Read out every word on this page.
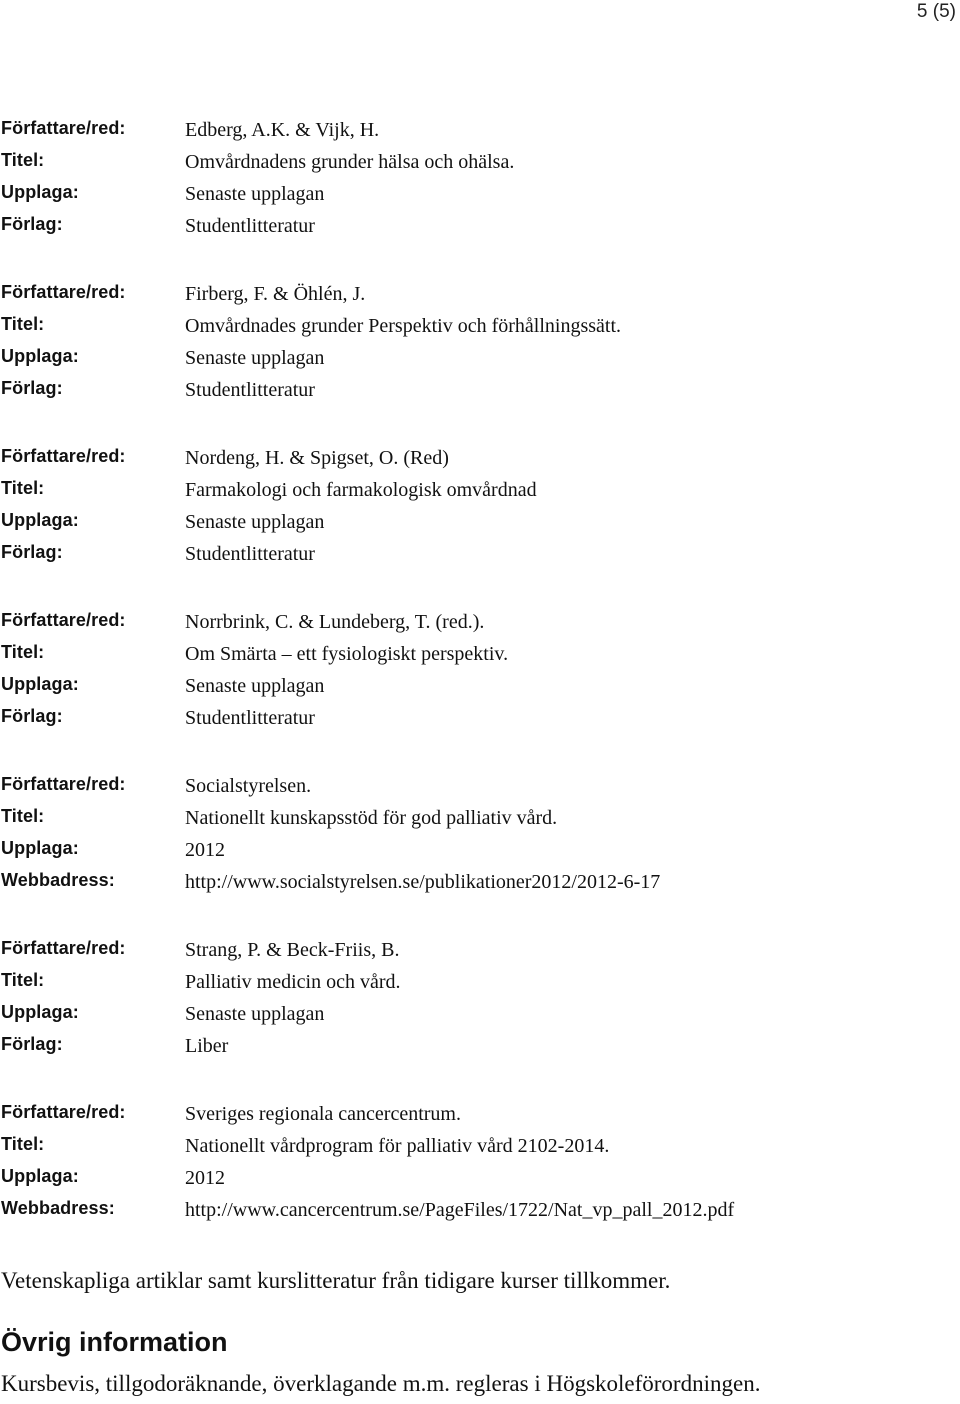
5 (5)
Författare/red:	Edberg, A.K. & Vijk, H.
Titel:	Omvårdnadens grunder hälsa och ohälsa.
Upplaga:	Senaste upplagan
Förlag:	Studentlitteratur
Författare/red:	Firberg, F. & Öhlén, J.
Titel:	Omvårdnades grunder Perspektiv och förhållningssätt.
Upplaga:	Senaste upplagan
Förlag:	Studentlitteratur
Författare/red:	Nordeng, H. & Spigset, O. (Red)
Titel:	Farmakologi och farmakologisk omvårdnad
Upplaga:	Senaste upplagan
Förlag:	Studentlitteratur
Författare/red:	Norrbrink, C. & Lundeberg, T. (red.).
Titel:	Om Smärta – ett fysiologiskt perspektiv.
Upplaga:	Senaste upplagan
Förlag:	Studentlitteratur
Författare/red:	Socialstyrelsen.
Titel:	Nationellt kunskapsstöd för god palliativ vård.
Upplaga:	2012
Webbadress:	http://www.socialstyrelsen.se/publikationer2012/2012-6-17
Författare/red:	Strang, P. & Beck-Friis, B.
Titel:	Palliativ medicin och vård.
Upplaga:	Senaste upplagan
Förlag:	Liber
Författare/red:	Sveriges regionala cancercentrum.
Titel:	Nationellt vårdprogram för palliativ vård 2102-2014.
Upplaga:	2012
Webbadress:	http://www.cancercentrum.se/PageFiles/1722/Nat_vp_pall_2012.pdf
Vetenskapliga artiklar samt kurslitteratur från tidigare kurser tillkommer.
Övrig information
Kursbevis, tillgodoräknande, överklagande m.m. regleras i Högskoleförordningen.
